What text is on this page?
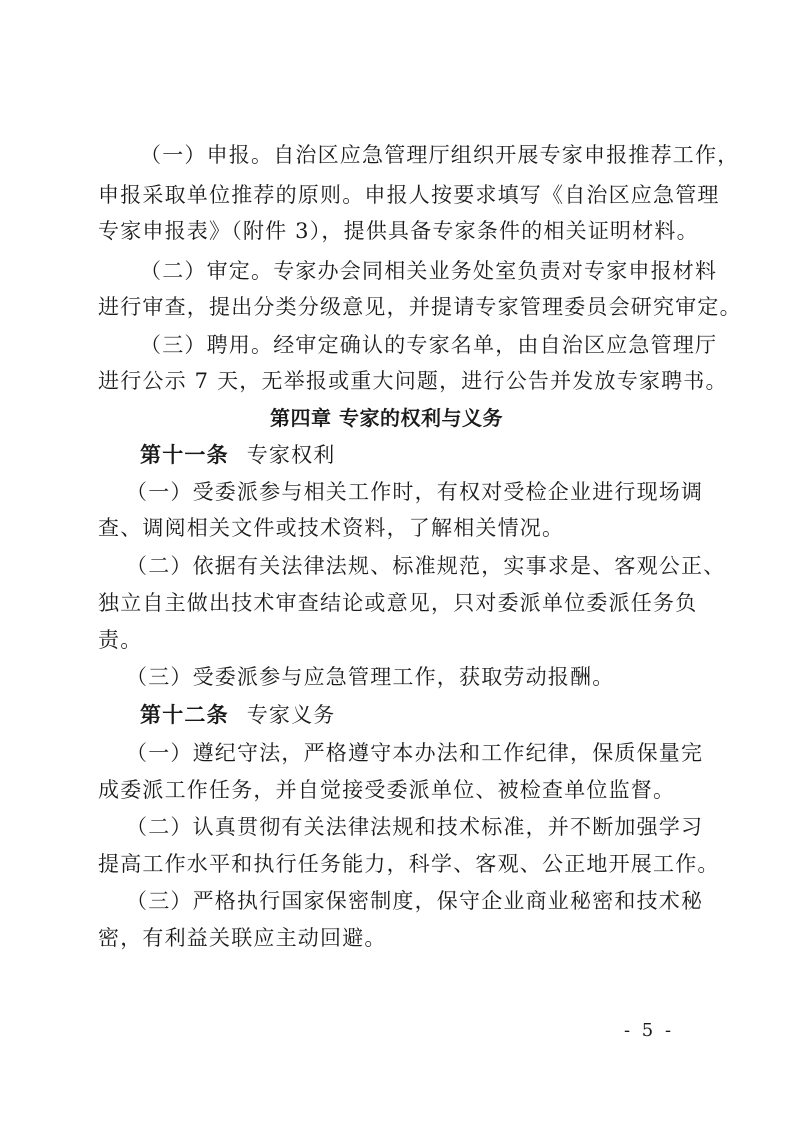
（一）申报。自治区应急管理厅组织开展专家申报推荐工作，
申报采取单位推荐的原则。申报人按要求填写《自治区应急管理
专家申报表》（附件 3），提供具备专家条件的相关证明材料。
（二）审定。专家办会同相关业务处室负责对专家申报材料
进行审查，提出分类分级意见，并提请专家管理委员会研究审定。
（三）聘用。经审定确认的专家名单，由自治区应急管理厅
进行公示 7 天，无举报或重大问题，进行公告并发放专家聘书。
第四章 专家的权利与义务
第十一条 专家权利
（一）受委派参与相关工作时，有权对受检企业进行现场调
查、调阅相关文件或技术资料，了解相关情况。
（二）依据有关法律法规、标准规范，实事求是、客观公正、
独立自主做出技术审查结论或意见，只对委派单位委派任务负
责。
（三）受委派参与应急管理工作，获取劳动报酬。
第十二条 专家义务
（一）遵纪守法，严格遵守本办法和工作纪律，保质保量完
成委派工作任务，并自觉接受委派单位、被检查单位监督。
（二）认真贯彻有关法律法规和技术标准，并不断加强学习
提高工作水平和执行任务能力，科学、客观、公正地开展工作。
（三）严格执行国家保密制度，保守企业商业秘密和技术秘
密，有利益关联应主动回避。
- 5 -
